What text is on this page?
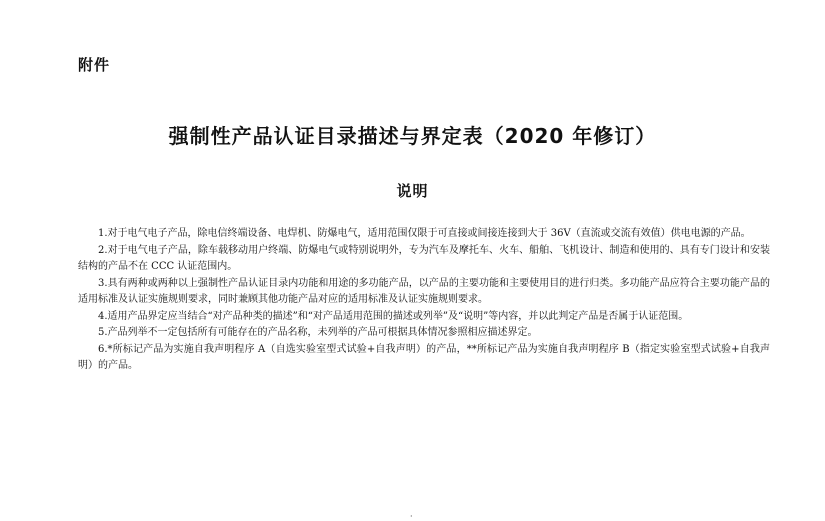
附件
强制性产品认证目录描述与界定表（2020 年修订）
说明

1.对于电气电子产品，除电信终端设备、电焊机、防爆电气，适用范围仅限于可直接或间接连接到大于 36V（直流或交流有效值）供电电源的产品。

2.对于电气电子产品，除车载移动用户终端、防爆电气或特别说明外，专为汽车及摩托车、火车、船舶、飞机设计、制造和使用的、具有专门设计和安装结构的产品不在 CCC 认证范围内。

3.具有两种或两种以上强制性产品认证目录内功能和用途的多功能产品，以产品的主要功能和主要使用目的进行归类。多功能产品应符合主要功能产品的适用标准及认证实施规则要求，同时兼顾其他功能产品对应的适用标准及认证实施规则要求。

4.适用产品界定应当结合“对产品种类的描述”和“对产品适用范围的描述或列举”及“说明”等内容，并以此判定产品是否属于认证范围。

5.产品列举不一定包括所有可能存在的产品名称，未列举的产品可根据具体情况参照相应描述界定。

6.*所标记产品为实施自我声明程序 A（自选实验室型式试验+自我声明）的产品，**所标记产品为实施自我声明程序 B（指定实验室型式试验+自我声明）的产品。

·
